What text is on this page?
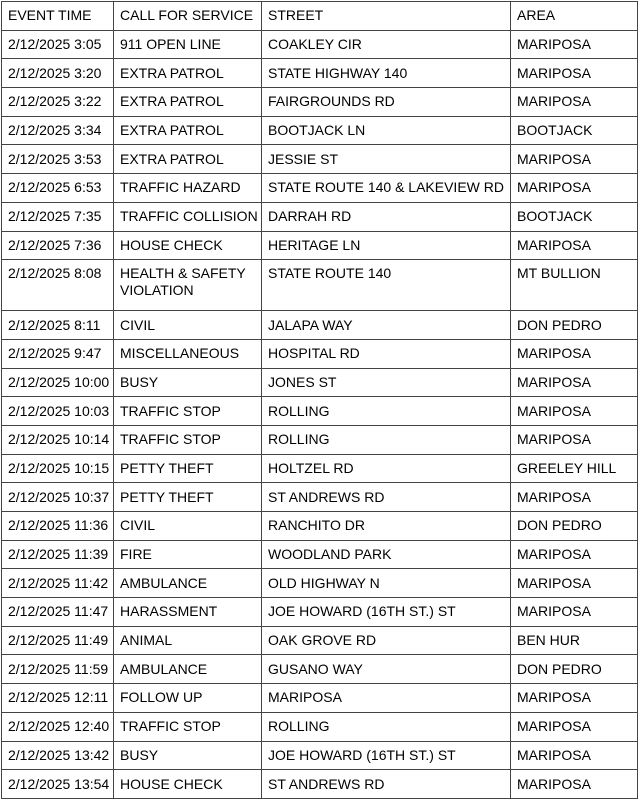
EVENT TIME	CALL FOR SERVICE	STREET	AREA
2/12/2025 3:05	911 OPEN LINE	COAKLEY CIR	MARIPOSA
2/12/2025 3:20	EXTRA PATROL	STATE HIGHWAY 140	MARIPOSA
2/12/2025 3:22	EXTRA PATROL	FAIRGROUNDS RD	MARIPOSA
2/12/2025 3:34	EXTRA PATROL	BOOTJACK LN	BOOTJACK
2/12/2025 3:53	EXTRA PATROL	JESSIE ST	MARIPOSA
2/12/2025 6:53	TRAFFIC HAZARD	STATE ROUTE 140 & LAKEVIEW RD	MARIPOSA
2/12/2025 7:35	TRAFFIC COLLISION	DARRAH RD	BOOTJACK
2/12/2025 7:36	HOUSE CHECK	HERITAGE LN	MARIPOSA
2/12/2025 8:08	HEALTH & SAFETY VIOLATION	STATE ROUTE 140	MT BULLION
2/12/2025 8:11	CIVIL	JALAPA WAY	DON PEDRO
2/12/2025 9:47	MISCELLANEOUS	HOSPITAL RD	MARIPOSA
2/12/2025 10:00	BUSY	JONES ST	MARIPOSA
2/12/2025 10:03	TRAFFIC STOP	ROLLING	MARIPOSA
2/12/2025 10:14	TRAFFIC STOP	ROLLING	MARIPOSA
2/12/2025 10:15	PETTY THEFT	HOLTZEL RD	GREELEY HILL
2/12/2025 10:37	PETTY THEFT	ST ANDREWS RD	MARIPOSA
2/12/2025 11:36	CIVIL	RANCHITO DR	DON PEDRO
2/12/2025 11:39	FIRE	WOODLAND PARK	MARIPOSA
2/12/2025 11:42	AMBULANCE	OLD HIGHWAY N	MARIPOSA
2/12/2025 11:47	HARASSMENT	JOE HOWARD (16TH ST.) ST	MARIPOSA
2/12/2025 11:49	ANIMAL	OAK GROVE RD	BEN HUR
2/12/2025 11:59	AMBULANCE	GUSANO WAY	DON PEDRO
2/12/2025 12:11	FOLLOW UP	MARIPOSA	MARIPOSA
2/12/2025 12:40	TRAFFIC STOP	ROLLING	MARIPOSA
2/12/2025 13:42	BUSY	JOE HOWARD (16TH ST.) ST	MARIPOSA
2/12/2025 13:54	HOUSE CHECK	ST ANDREWS RD	MARIPOSA
